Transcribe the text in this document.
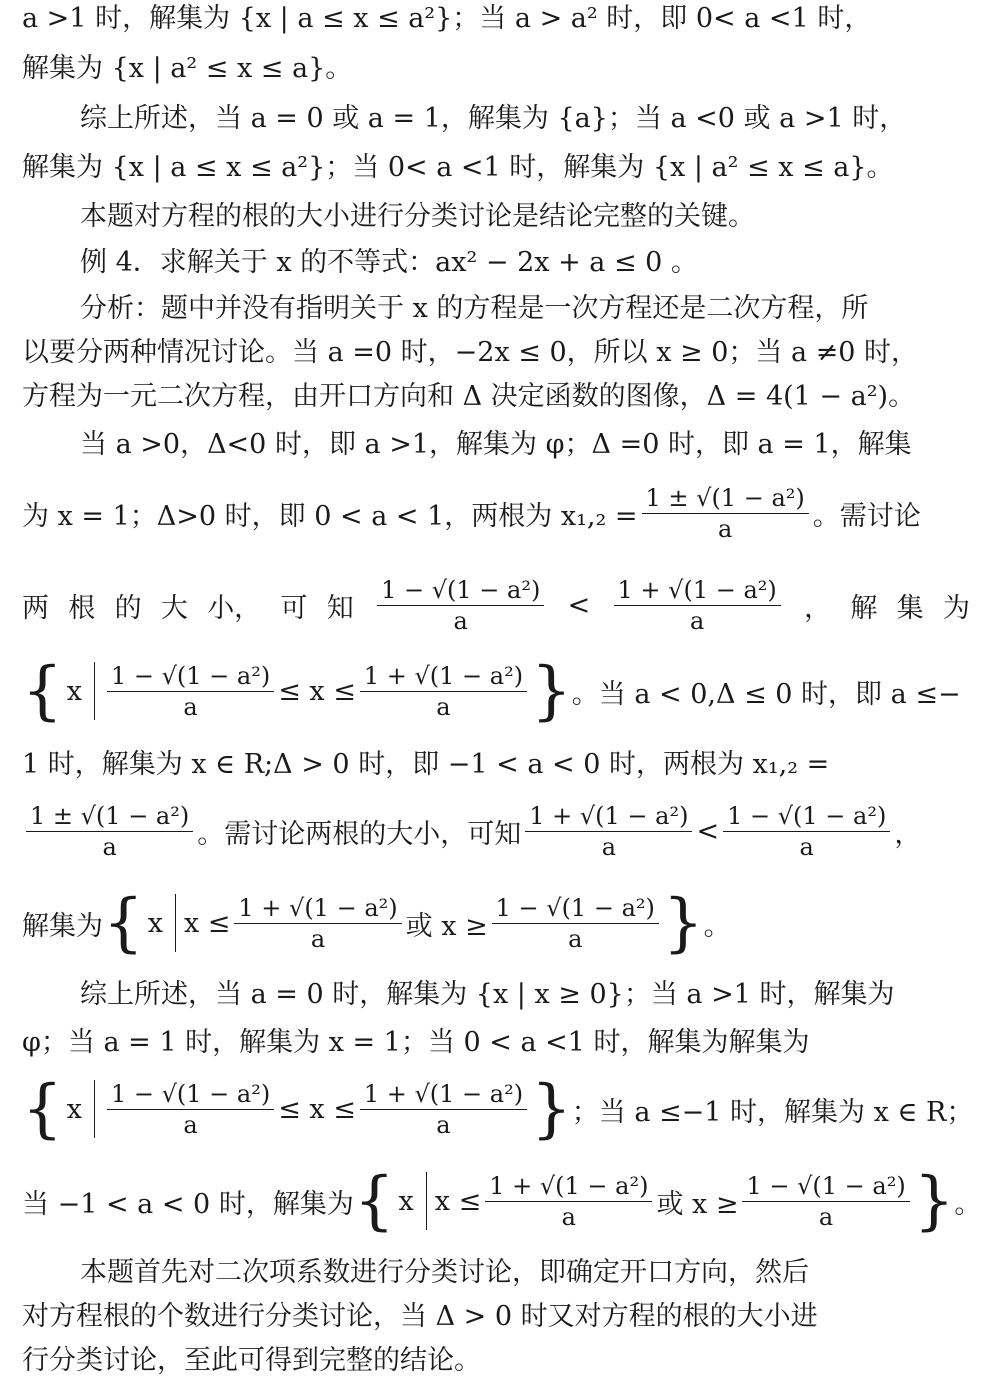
a >1 时，解集为 {x | a ≤ x ≤ a²}；当 a > a² 时，即 0< a <1 时，
解集为 {x | a² ≤ x ≤ a}。
综上所述，当 a = 0 或 a = 1，解集为 {a}；当 a <0 或 a >1 时，
解集为 {x | a ≤ x ≤ a²}；当 0< a <1 时，解集为 {x | a² ≤ x ≤ a}。
本题对方程的根的大小进行分类讨论是结论完整的关键。
例 4．求解关于 x 的不等式：ax² − 2x + a ≤ 0 。
分析：题中并没有指明关于 x 的方程是一次方程还是二次方程，所
以要分两种情况讨论。当 a =0 时，−2x ≤ 0，所以 x ≥ 0；当 a ≠0 时，
方程为一元二次方程，由开口方向和 Δ 决定函数的图像，Δ = 4(1 − a²)。
当 a >0，Δ<0 时，即 a >1，解集为 φ；Δ =0 时，即 a = 1，解集
为 x = 1；Δ>0 时，即 0 < a < 1，两根为 $x_1,_2 = \frac{\text{1 ± √(1 − a²)}}{a}$ 。需讨论
两 根 的 大 小， 可 知 $\frac{\text{1 − √(1 − a²)}}{a} < \frac{\text{1 + √(1 − a²)}}{a}$ ， 解 集 为
{ x $\frac{\text{1 − √(1 − a²)}}{a} \le x \le \frac{\text{1 + √(1 − a²)}}{a}$ } 。当 a < 0,Δ ≤ 0 时，即 a ≤−
1 时，解集为 x ∈ R;Δ > 0 时，即 −1 < a < 0 时，两根为 x₁,₂ =
$\frac{\text{1 ± √(1 − a²)}}{a}$ 。需讨论两根的大小，可知 $\frac{\text{1 + √(1 − a²)}}{a} < \frac{\text{1 − √(1 − a²)}}{a}$ ，
解集为 { x $x \le \frac{\text{1 + √(1 − a²)}}{a}$ 或 $x \ge \frac{\text{1 − √(1 − a²)}}{a}$ } 。
综上所述，当 a = 0 时，解集为 {x | x ≥ 0}；当 a >1 时，解集为
φ；当 a = 1 时，解集为 x = 1；当 0 < a <1 时，解集为解集为
{ x $\frac{\text{1 − √(1 − a²)}}{a} \le x \le \frac{\text{1 + √(1 − a²)}}{a}$ } ；当 a ≤−1 时，解集为 x ∈ R；
当 −1 < a < 0 时，解集为 { x $x \le \frac{\text{1 + √(1 − a²)}}{a}$ 或 $x \ge \frac{\text{1 − √(1 − a²)}}{a}$ } 。
本题首先对二次项系数进行分类讨论，即确定开口方向，然后
对方程根的个数进行分类讨论，当 Δ > 0 时又对方程的根的大小进
行分类讨论，至此可得到完整的结论。
